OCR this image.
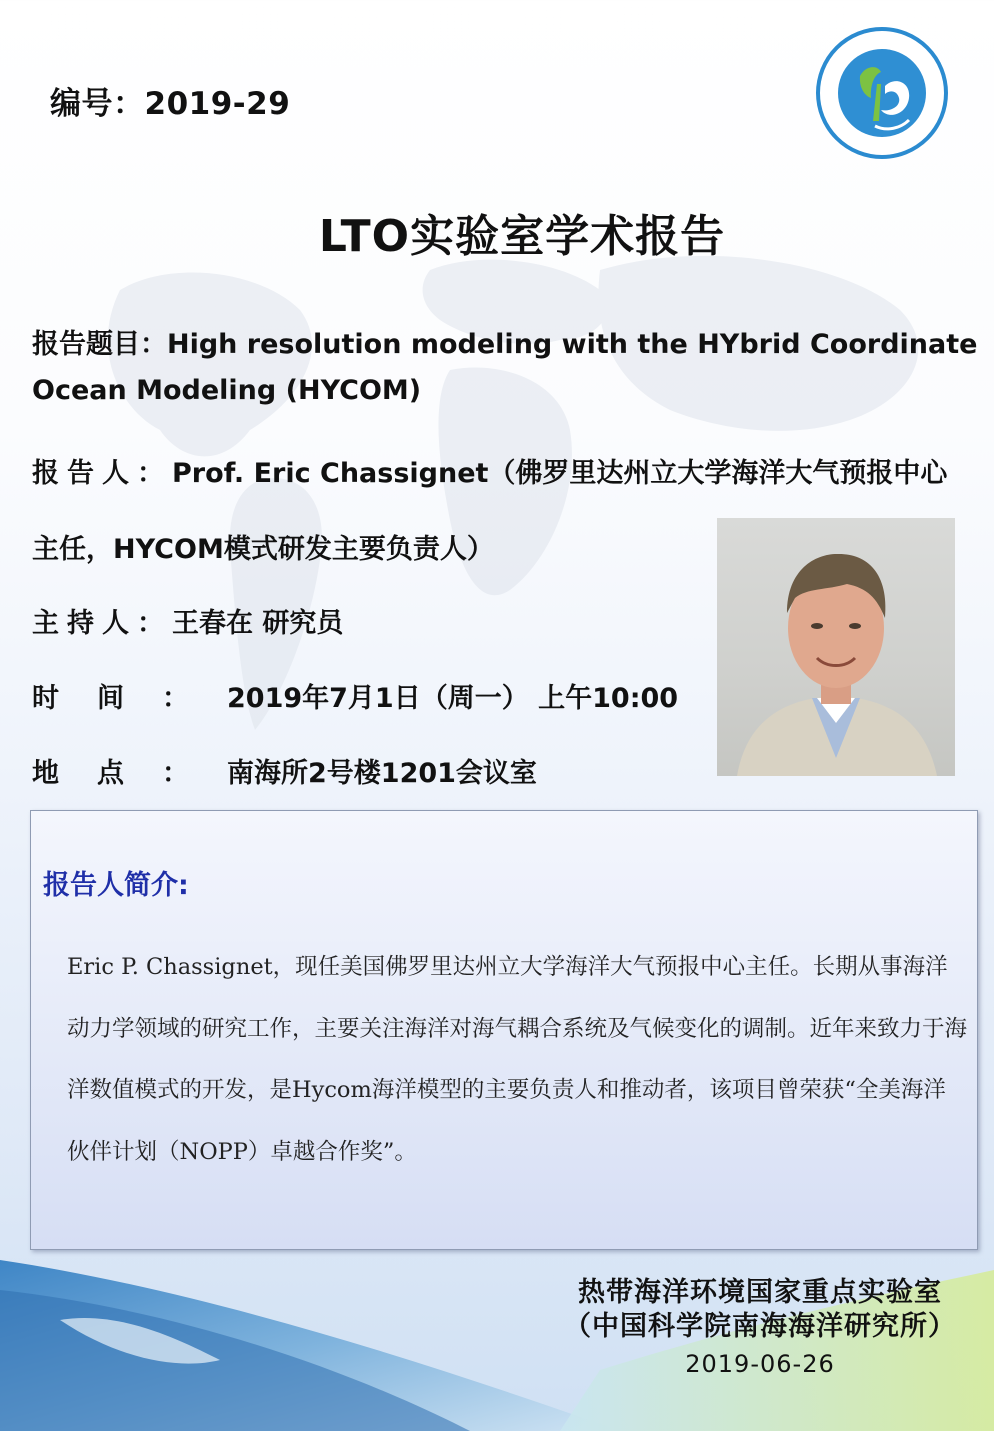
编号：2019-29
LTO实验室学术报告
报告题目：High resolution modeling with the HYbrid Coordinate
Ocean Modeling (HYCOM)
报告人：Prof. Eric Chassignet（佛罗里达州立大学海洋大气预报中心
主任，HYCOM模式研发主要负责人）
主持人：王春在 研究员
时间：2019年7月1日（周一） 上午10:00
地点：南海所2号楼1201会议室
报告人简介:

Eric P. Chassignet，现任美国佛罗里达州立大学海洋大气预报中心主任。长期从事海洋动力学领域的研究工作，主要关注海洋对海气耦合系统及气候变化的调制。近年来致力于海洋数值模式的开发，是Hycom海洋模型的主要负责人和推动者，该项目曾荣获“全美海洋伙伴计划（NOPP）卓越合作奖”。

热带海洋环境国家重点实验室
（中国科学院南海海洋研究所）
2019-06-26
